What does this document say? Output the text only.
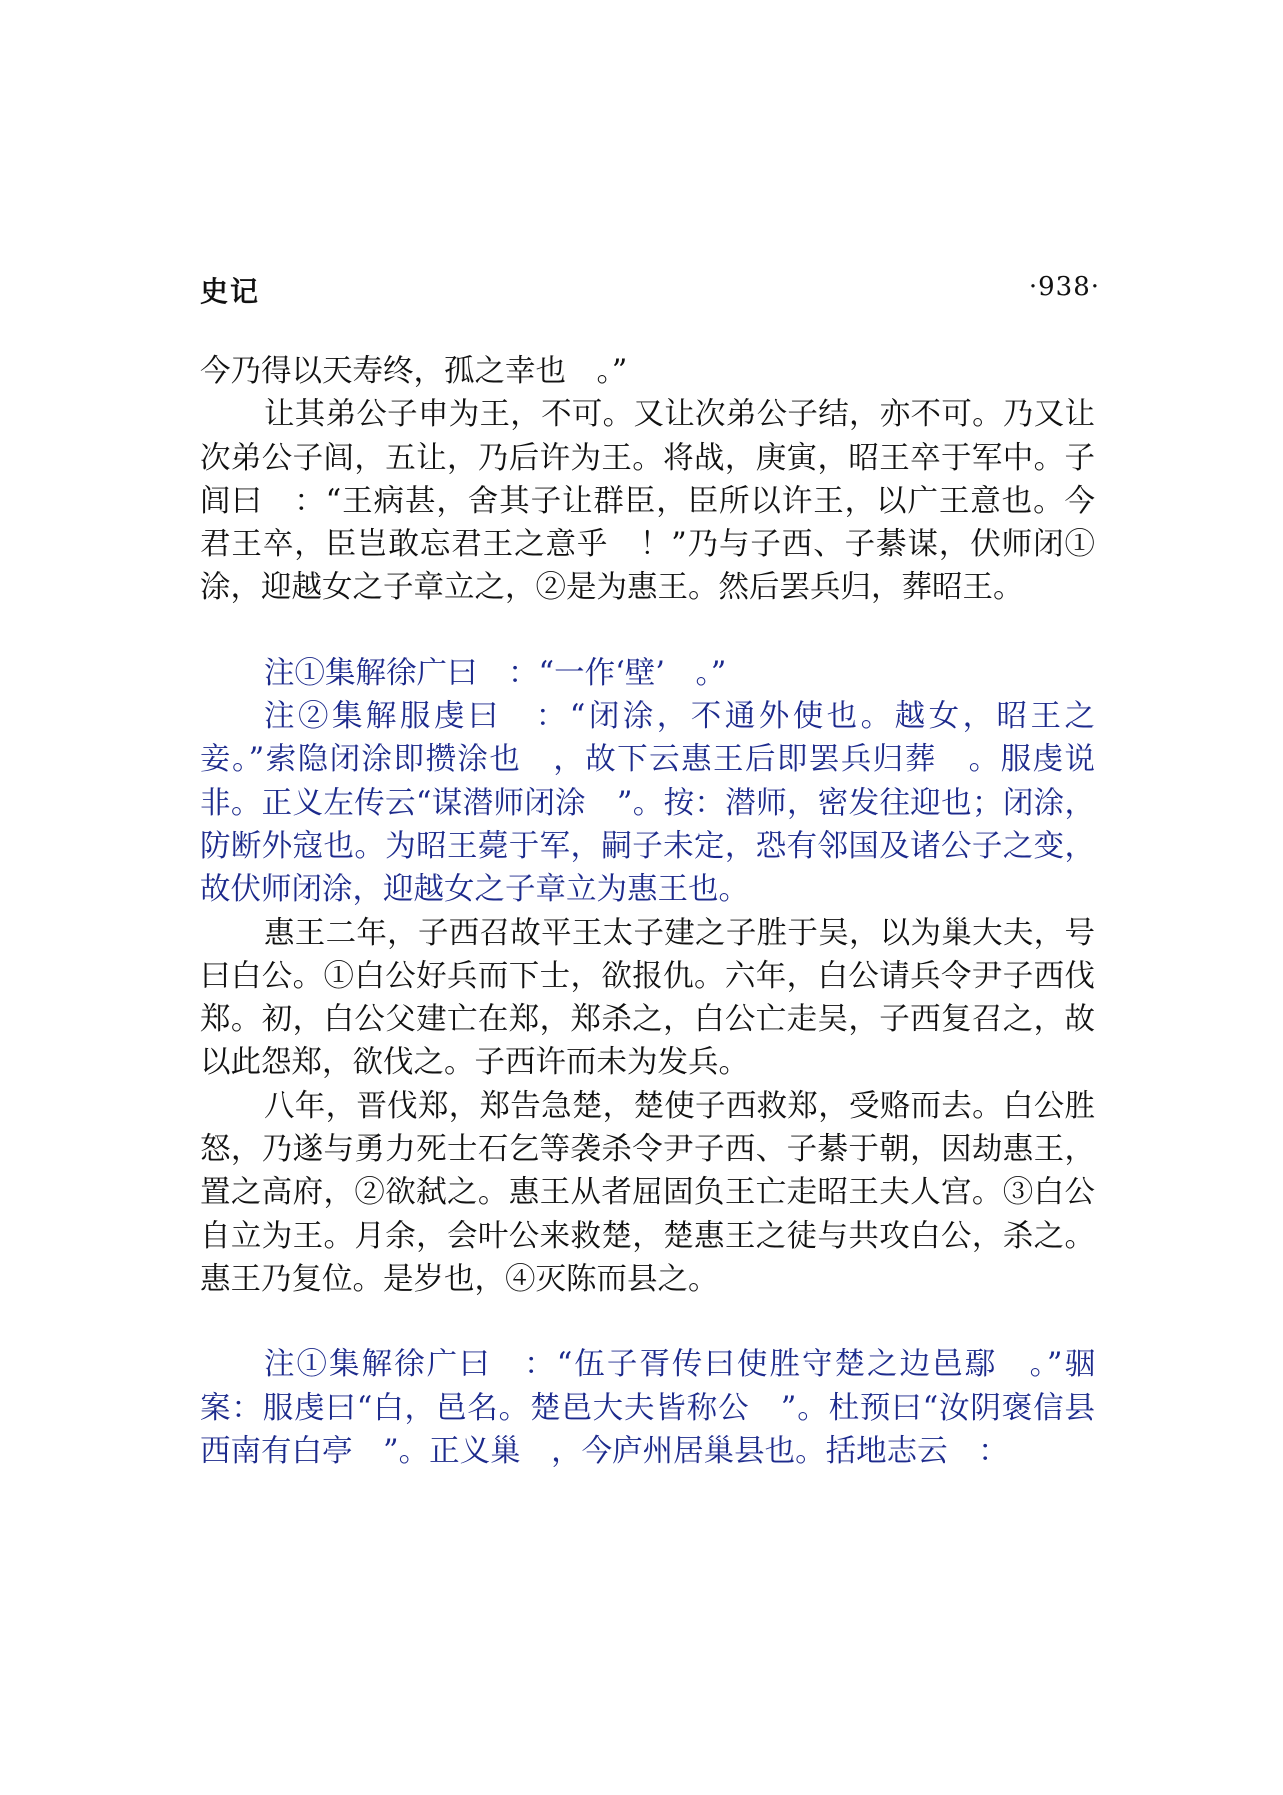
史记	·938·

今乃得以天寿终，孤之幸也　。”

让其弟公子申为王，不可。又让次弟公子结，亦不可。乃又让次弟公子闾，五让，乃后许为王。将战，庚寅，昭王卒于军中。子闾曰　：“王病甚，舍其子让群臣，臣所以许王，以广王意也。今君王卒，臣岂敢忘君王之意乎　！”乃与子西、子綦谋，伏师闭①涂，迎越女之子章立之，②是为惠王。然后罢兵归，葬昭王。

注①集解徐广曰　：“一作‘壁’　。”

注②集解服虔曰　：“闭涂，不通外使也。越女，昭王之妾。”索隐闭涂即攒涂也　，故下云惠王后即罢兵归葬　。服虔说非。正义左传云“谋潜师闭涂　”。按：潜师，密发往迎也；闭涂，防断外寇也。为昭王薨于军，嗣子未定，恐有邻国及诸公子之变，故伏师闭涂，迎越女之子章立为惠王也。

惠王二年，子西召故平王太子建之子胜于吴，以为巢大夫，号曰白公。①白公好兵而下士，欲报仇。六年，白公请兵令尹子西伐郑。初，白公父建亡在郑，郑杀之，白公亡走吴，子西复召之，故以此怨郑，欲伐之。子西许而未为发兵。

八年，晋伐郑，郑告急楚，楚使子西救郑，受赂而去。白公胜怒，乃遂与勇力死士石乞等袭杀令尹子西、子綦于朝，因劫惠王，置之高府，②欲弑之。惠王从者屈固负王亡走昭王夫人宫。③白公自立为王。月余，会叶公来救楚，楚惠王之徒与共攻白公，杀之。惠王乃复位。是岁也，④灭陈而县之。

注①集解徐广曰　：“伍子胥传曰使胜守楚之边邑鄢　。”骃案：服虔曰“白，邑名。楚邑大夫皆称公　”。杜预曰“汝阴褒信县西南有白亭　”。正义巢　，今庐州居巢县也。括地志云　：
